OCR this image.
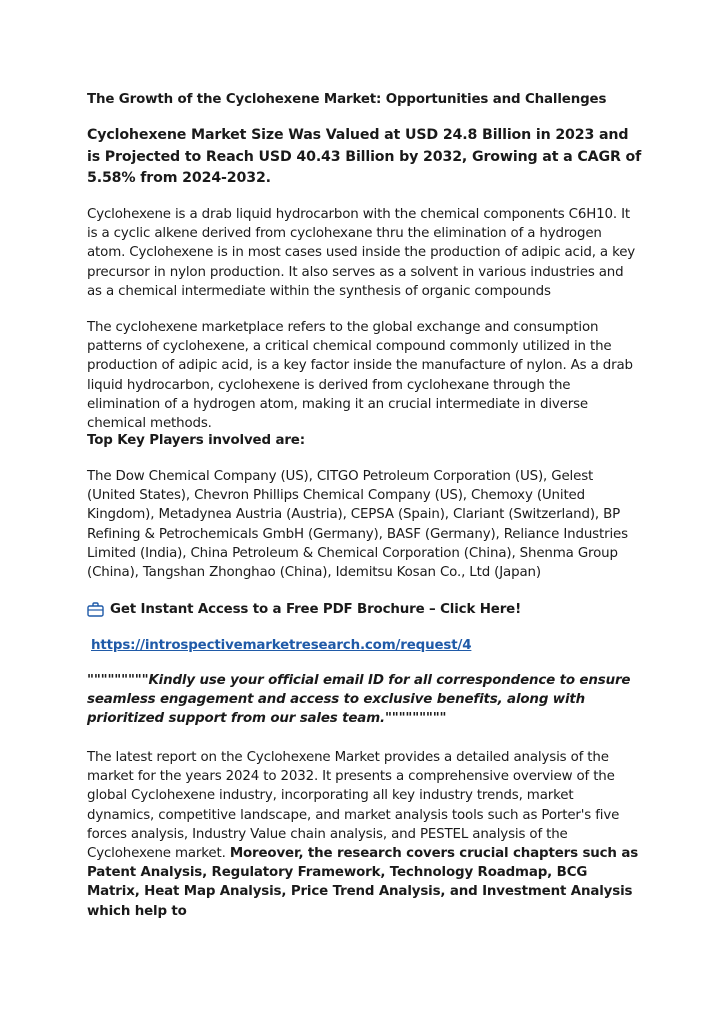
The Growth of the Cyclohexene Market: Opportunities and Challenges
Cyclohexene Market Size Was Valued at USD 24.8 Billion in 2023 and is Projected to Reach USD 40.43 Billion by 2032, Growing at a CAGR of 5.58% from 2024-2032.
Cyclohexene is a drab liquid hydrocarbon with the chemical components C6H10. It is a cyclic alkene derived from cyclohexane thru the elimination of a hydrogen atom. Cyclohexene is in most cases used inside the production of adipic acid, a key precursor in nylon production. It also serves as a solvent in various industries and as a chemical intermediate within the synthesis of organic compounds
The cyclohexene marketplace refers to the global exchange and consumption patterns of cyclohexene, a critical chemical compound commonly utilized in the production of adipic acid, is a key factor inside the manufacture of nylon. As a drab liquid hydrocarbon, cyclohexene is derived from cyclohexane through the elimination of a hydrogen atom, making it an crucial intermediate in diverse chemical methods.
Top Key Players involved are:
The Dow Chemical Company (US), CITGO Petroleum Corporation (US), Gelest (United States), Chevron Phillips Chemical Company (US), Chemoxy (United Kingdom), Metadynea Austria (Austria), CEPSA (Spain), Clariant (Switzerland), BP Refining & Petrochemicals GmbH (Germany), BASF (Germany), Reliance Industries Limited (India), China Petroleum & Chemical Corporation (China), Shenma Group (China), Tangshan Zhonghao (China), Idemitsu Kosan Co., Ltd (Japan)
Get Instant Access to a Free PDF Brochure – Click Here!
https://introspectivemarketresearch.com/request/4
"""""""""Kindly use your official email ID for all correspondence to ensure seamless engagement and access to exclusive benefits, along with prioritized support from our sales team."""""""""
The latest report on the Cyclohexene Market provides a detailed analysis of the market for the years 2024 to 2032. It presents a comprehensive overview of the global Cyclohexene industry, incorporating all key industry trends, market dynamics, competitive landscape, and market analysis tools such as Porter's five forces analysis, Industry Value chain analysis, and PESTEL analysis of the Cyclohexene market. Moreover, the research covers crucial chapters such as Patent Analysis, Regulatory Framework, Technology Roadmap, BCG Matrix, Heat Map Analysis, Price Trend Analysis, and Investment Analysis which help to
